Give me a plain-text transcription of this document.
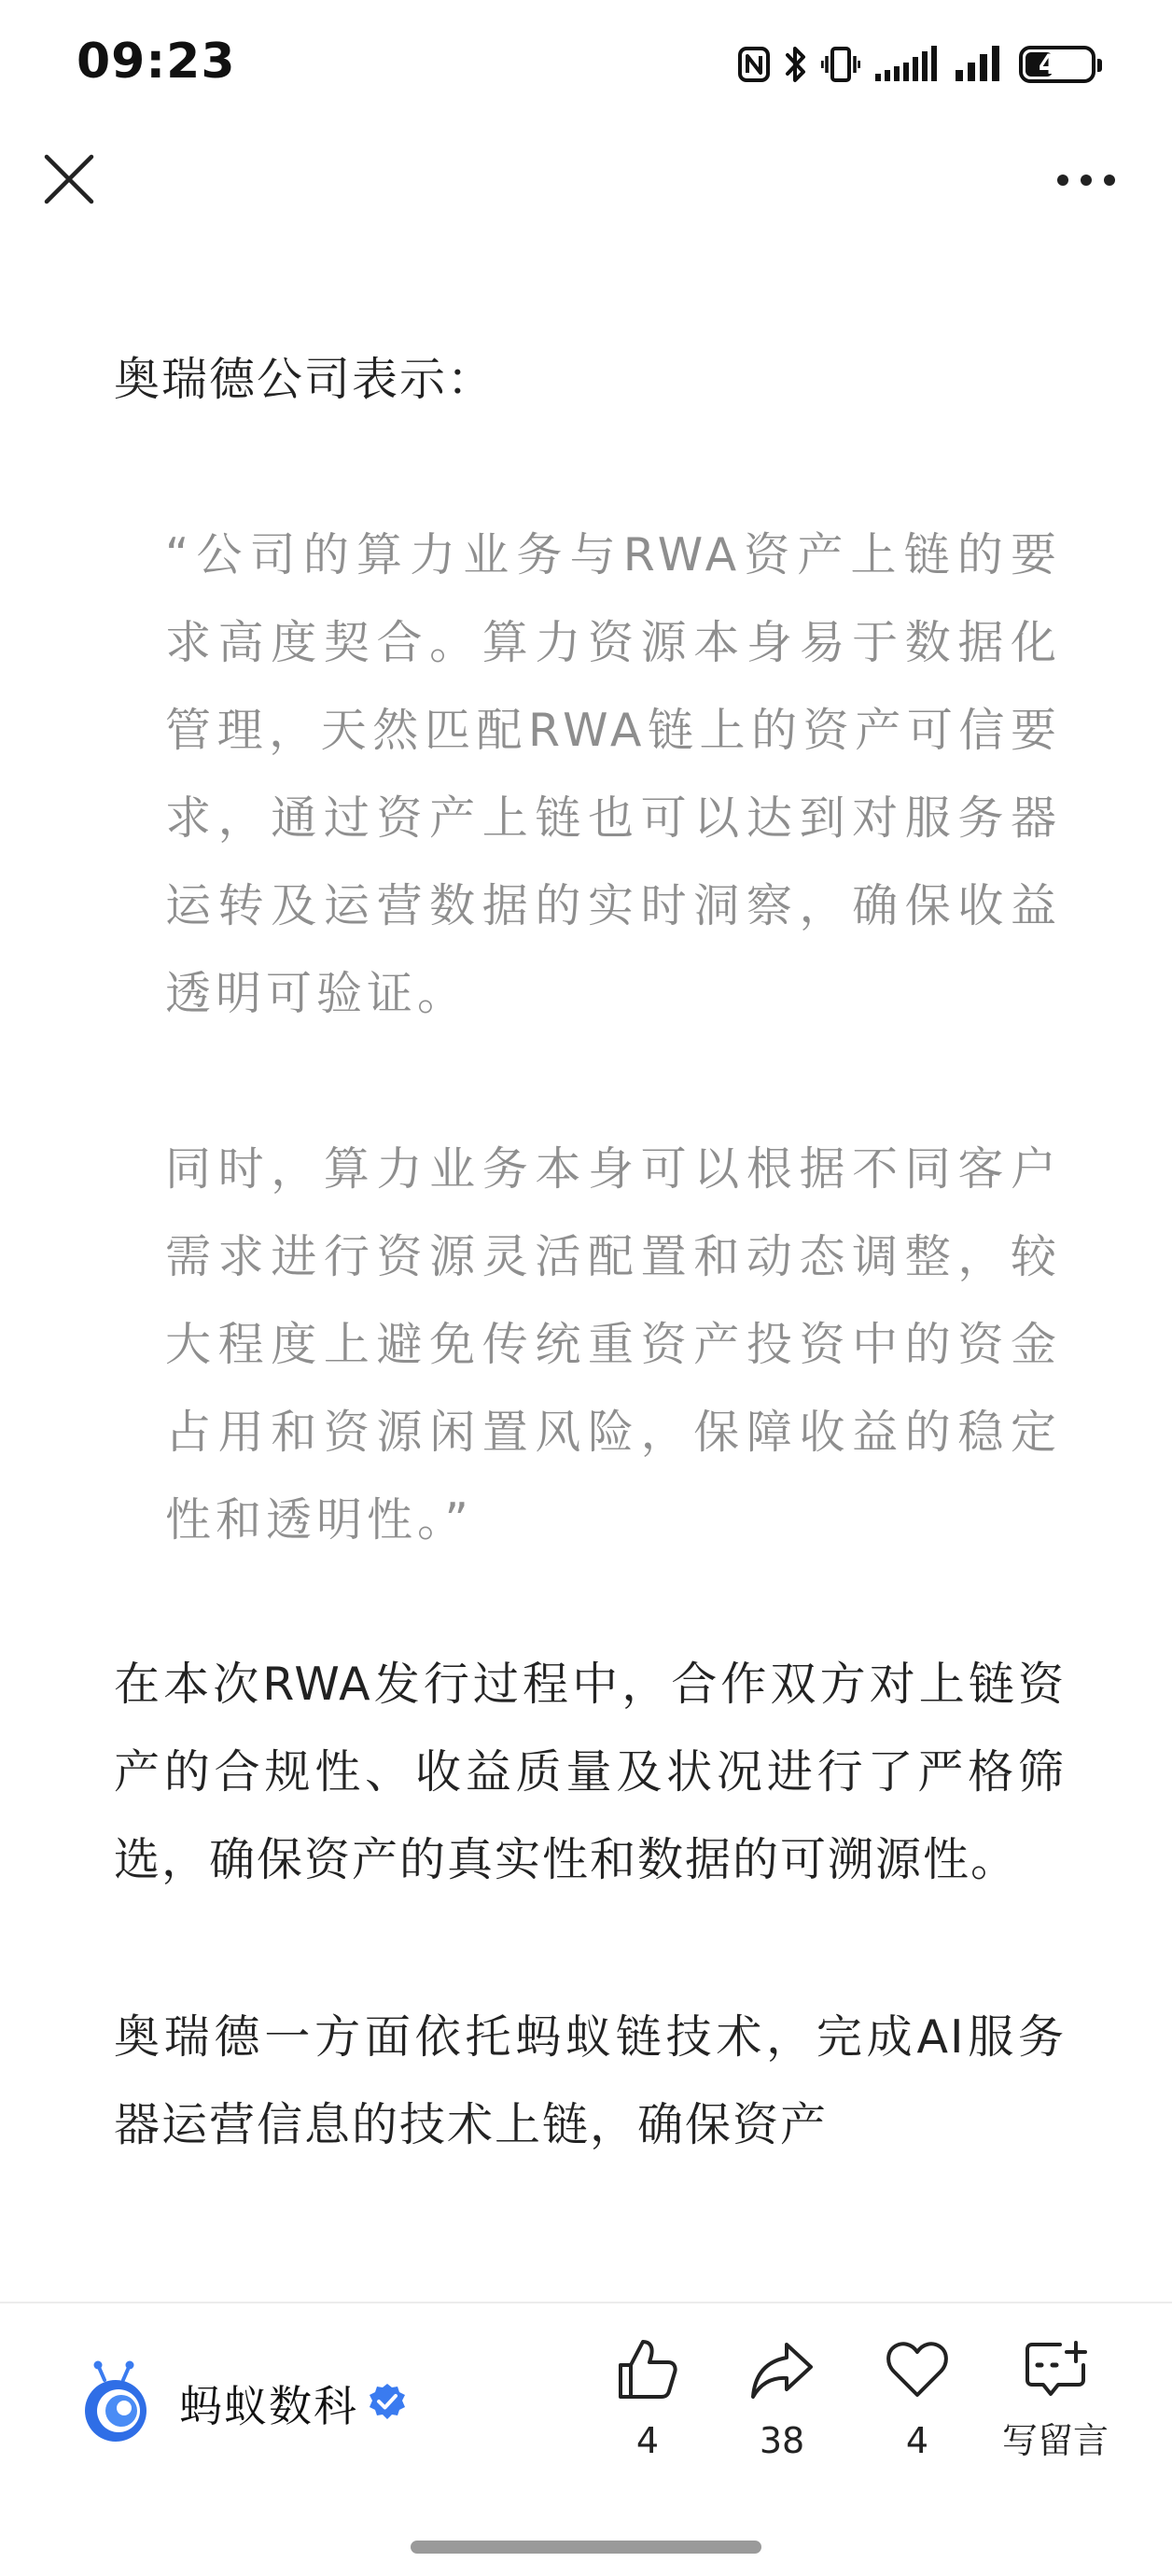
09:23	47

奥瑞德公司表示：

“公司的算力业务与RWA资产上链的要求高度契合。算力资源本身易于数据化管理，天然匹配RWA链上的资产可信要求，通过资产上链也可以达到对服务器运转及运营数据的实时洞察，确保收益透明可验证。

同时，算力业务本身可以根据不同客户需求进行资源灵活配置和动态调整，较大程度上避免传统重资产投资中的资金占用和资源闲置风险，保障收益的稳定性和透明性。”

在本次RWA发行过程中，合作双方对上链资产的合规性、收益质量及状况进行了严格筛选，确保资产的真实性和数据的可溯源性。

奥瑞德一方面依托蚂蚁链技术，完成AI服务器运营信息的技术上链，确保资产

蚂蚁数科
4	38	4 写留言
